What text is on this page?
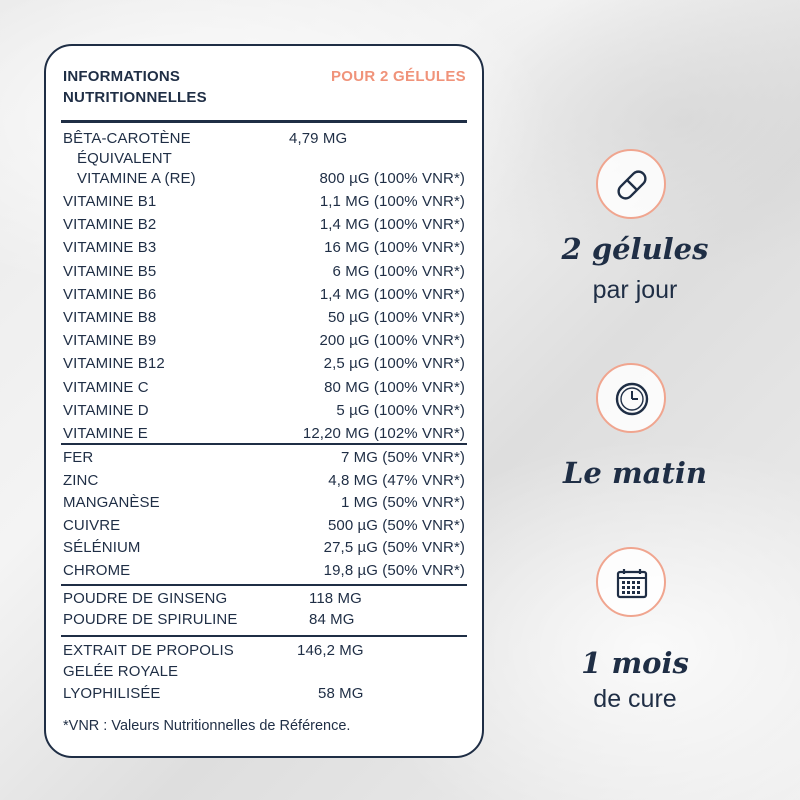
INFORMATIONS
NUTRITIONNELLES
POUR 2 GÉLULES
BÊTA-CAROTÈNE	4,79 MG
ÉQUIVALENT
VITAMINE A (RE)	800 µG (100% VNR*)
VITAMINE B1	1,1 MG (100% VNR*)
VITAMINE B2	1,4 MG (100% VNR*)
VITAMINE B3	16 MG (100% VNR*)
VITAMINE B5	6 MG (100% VNR*)
VITAMINE B6	1,4 MG (100% VNR*)
VITAMINE B8	50 µG (100% VNR*)
VITAMINE B9	200 µG (100% VNR*)
VITAMINE B12	2,5 µG (100% VNR*)
VITAMINE C	80 MG (100% VNR*)
VITAMINE D	5 µG (100% VNR*)
VITAMINE E	12,20 MG (102% VNR*)
FER	7 MG (50% VNR*)
ZINC	4,8 MG (47% VNR*)
MANGANÈSE	1 MG (50% VNR*)
CUIVRE	500 µG (50% VNR*)
SÉLÉNIUM	27,5 µG (50% VNR*)
CHROME	19,8 µG (50% VNR*)
POUDRE DE GINSENG	118 MG
POUDRE DE SPIRULINE	84 MG
EXTRAIT DE PROPOLIS	146,2 MG
GELÉE ROYALE
LYOPHILISÉE	58 MG
*VNR : Valeurs Nutritionnelles de Référence.
2 gélules
par jour
Le matin
1 mois
de cure
